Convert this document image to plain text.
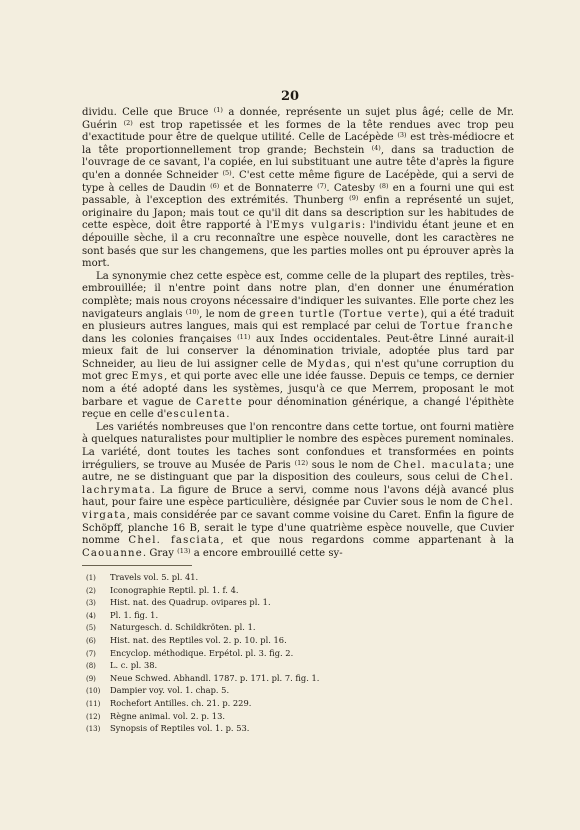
20

dividu. Celle que Bruce $^{(1)}$ a donnée, représente un sujet plus âgé; celle de Mr. Guérin $^{(2)}$ est trop rapetissée et les formes de la tête rendues avec trop peu d'exactitude pour être de quelque utilité. Celle de Lacépède $^{(3)}$ est très-médiocre et la tête proportionnellement trop grande; Bechstein $^{(4)}$, dans sa traduction de l'ouvrage de ce savant, l'a copiée, en lui substituant une autre tête d'après la figure qu'en a donnée Schneider $^{(5)}$. C'est cette même figure de Lacépède, qui a servi de type à celles de Daudin $^{(6)}$ et de Bonnaterre $^{(7)}$. Catesby $^{(8)}$ en a fourni une qui est passable, à l'exception des extrémités. Thunberg $^{(9)}$ enfin a représenté un sujet, originaire du Japon; mais tout ce qu'il dit dans sa description sur les habitudes de cette espèce, doit être rapporté à l'Emys vulgaris: l'individu étant jeune et en dépouille sèche, il a cru reconnaître une espèce nouvelle, dont les caractères ne sont basés que sur les changemens, que les parties molles ont pu éprouver après la mort.

La synonymie chez cette espèce est, comme celle de la plupart des reptiles, très-embrouillée; il n'entre point dans notre plan, d'en donner une énumération complète; mais nous croyons nécessaire d'indiquer les suivantes. Elle porte chez les navigateurs anglais $^{(10)}$, le nom de green turtle (Tortue verte), qui a été traduit en plusieurs autres langues, mais qui est remplacé par celui de Tortue franche dans les colonies françaises $^{(11)}$ aux Indes occidentales. Peut-être Linné aurait-il mieux fait de lui conserver la dénomination triviale, adoptée plus tard par Schneider, au lieu de lui assigner celle de Mydas, qui n'est qu'une corruption du mot grec Emys, et qui porte avec elle une idée fausse. Depuis ce temps, ce dernier nom a été adopté dans les systèmes, jusqu'à ce que Merrem, proposant le mot barbare et vague de Carette pour dénomination générique, a changé l'épithète reçue en celle d'esculenta.

Les variétés nombreuses que l'on rencontre dans cette tortue, ont fourni matière à quelques naturalistes pour multiplier le nombre des espèces purement nominales. La variété, dont toutes les taches sont confondues et transformées en points irréguliers, se trouve au Musée de Paris $^{(12)}$ sous le nom de Chel. maculata; une autre, ne se distinguant que par la disposition des couleurs, sous celui de Chel. lachrymata. La figure de Bruce a servi, comme nous l'avons déjà avancé plus haut, pour faire une espèce particulière, désignée par Cuvier sous le nom de Chel. virgata, mais considérée par ce savant comme voisine du Caret. Enfin la figure de Schöpff, planche 16 B, serait le type d'une quatrième espèce nouvelle, que Cuvier nomme Chel. fasciata, et que nous regardons comme appartenant à la Caouanne. Gray $^{(13)}$ a encore embrouillé cette sy-

(1) Travels vol. 5. pl. 41.
(2) Iconographie Reptil. pl. 1. f. 4.
(3) Hist. nat. des Quadrup. ovipares pl. 1.
(4) Pl. 1. fig. 1.
(5) Naturgesch. d. Schildkröten. pl. 1.
(6) Hist. nat. des Reptiles vol. 2. p. 10. pl. 16.
(7) Encyclop. méthodique. Erpétol. pl. 3. fig. 2.
(8) L. c. pl. 38.
(9) Neue Schwed. Abhandl. 1787. p. 171. pl. 7. fig. 1.
(10) Dampier voy. vol. 1. chap. 5.
(11) Rochefort Antilles. ch. 21. p. 229.
(12) Règne animal. vol. 2. p. 13.
(13) Synopsis of Reptiles vol. 1. p. 53.
